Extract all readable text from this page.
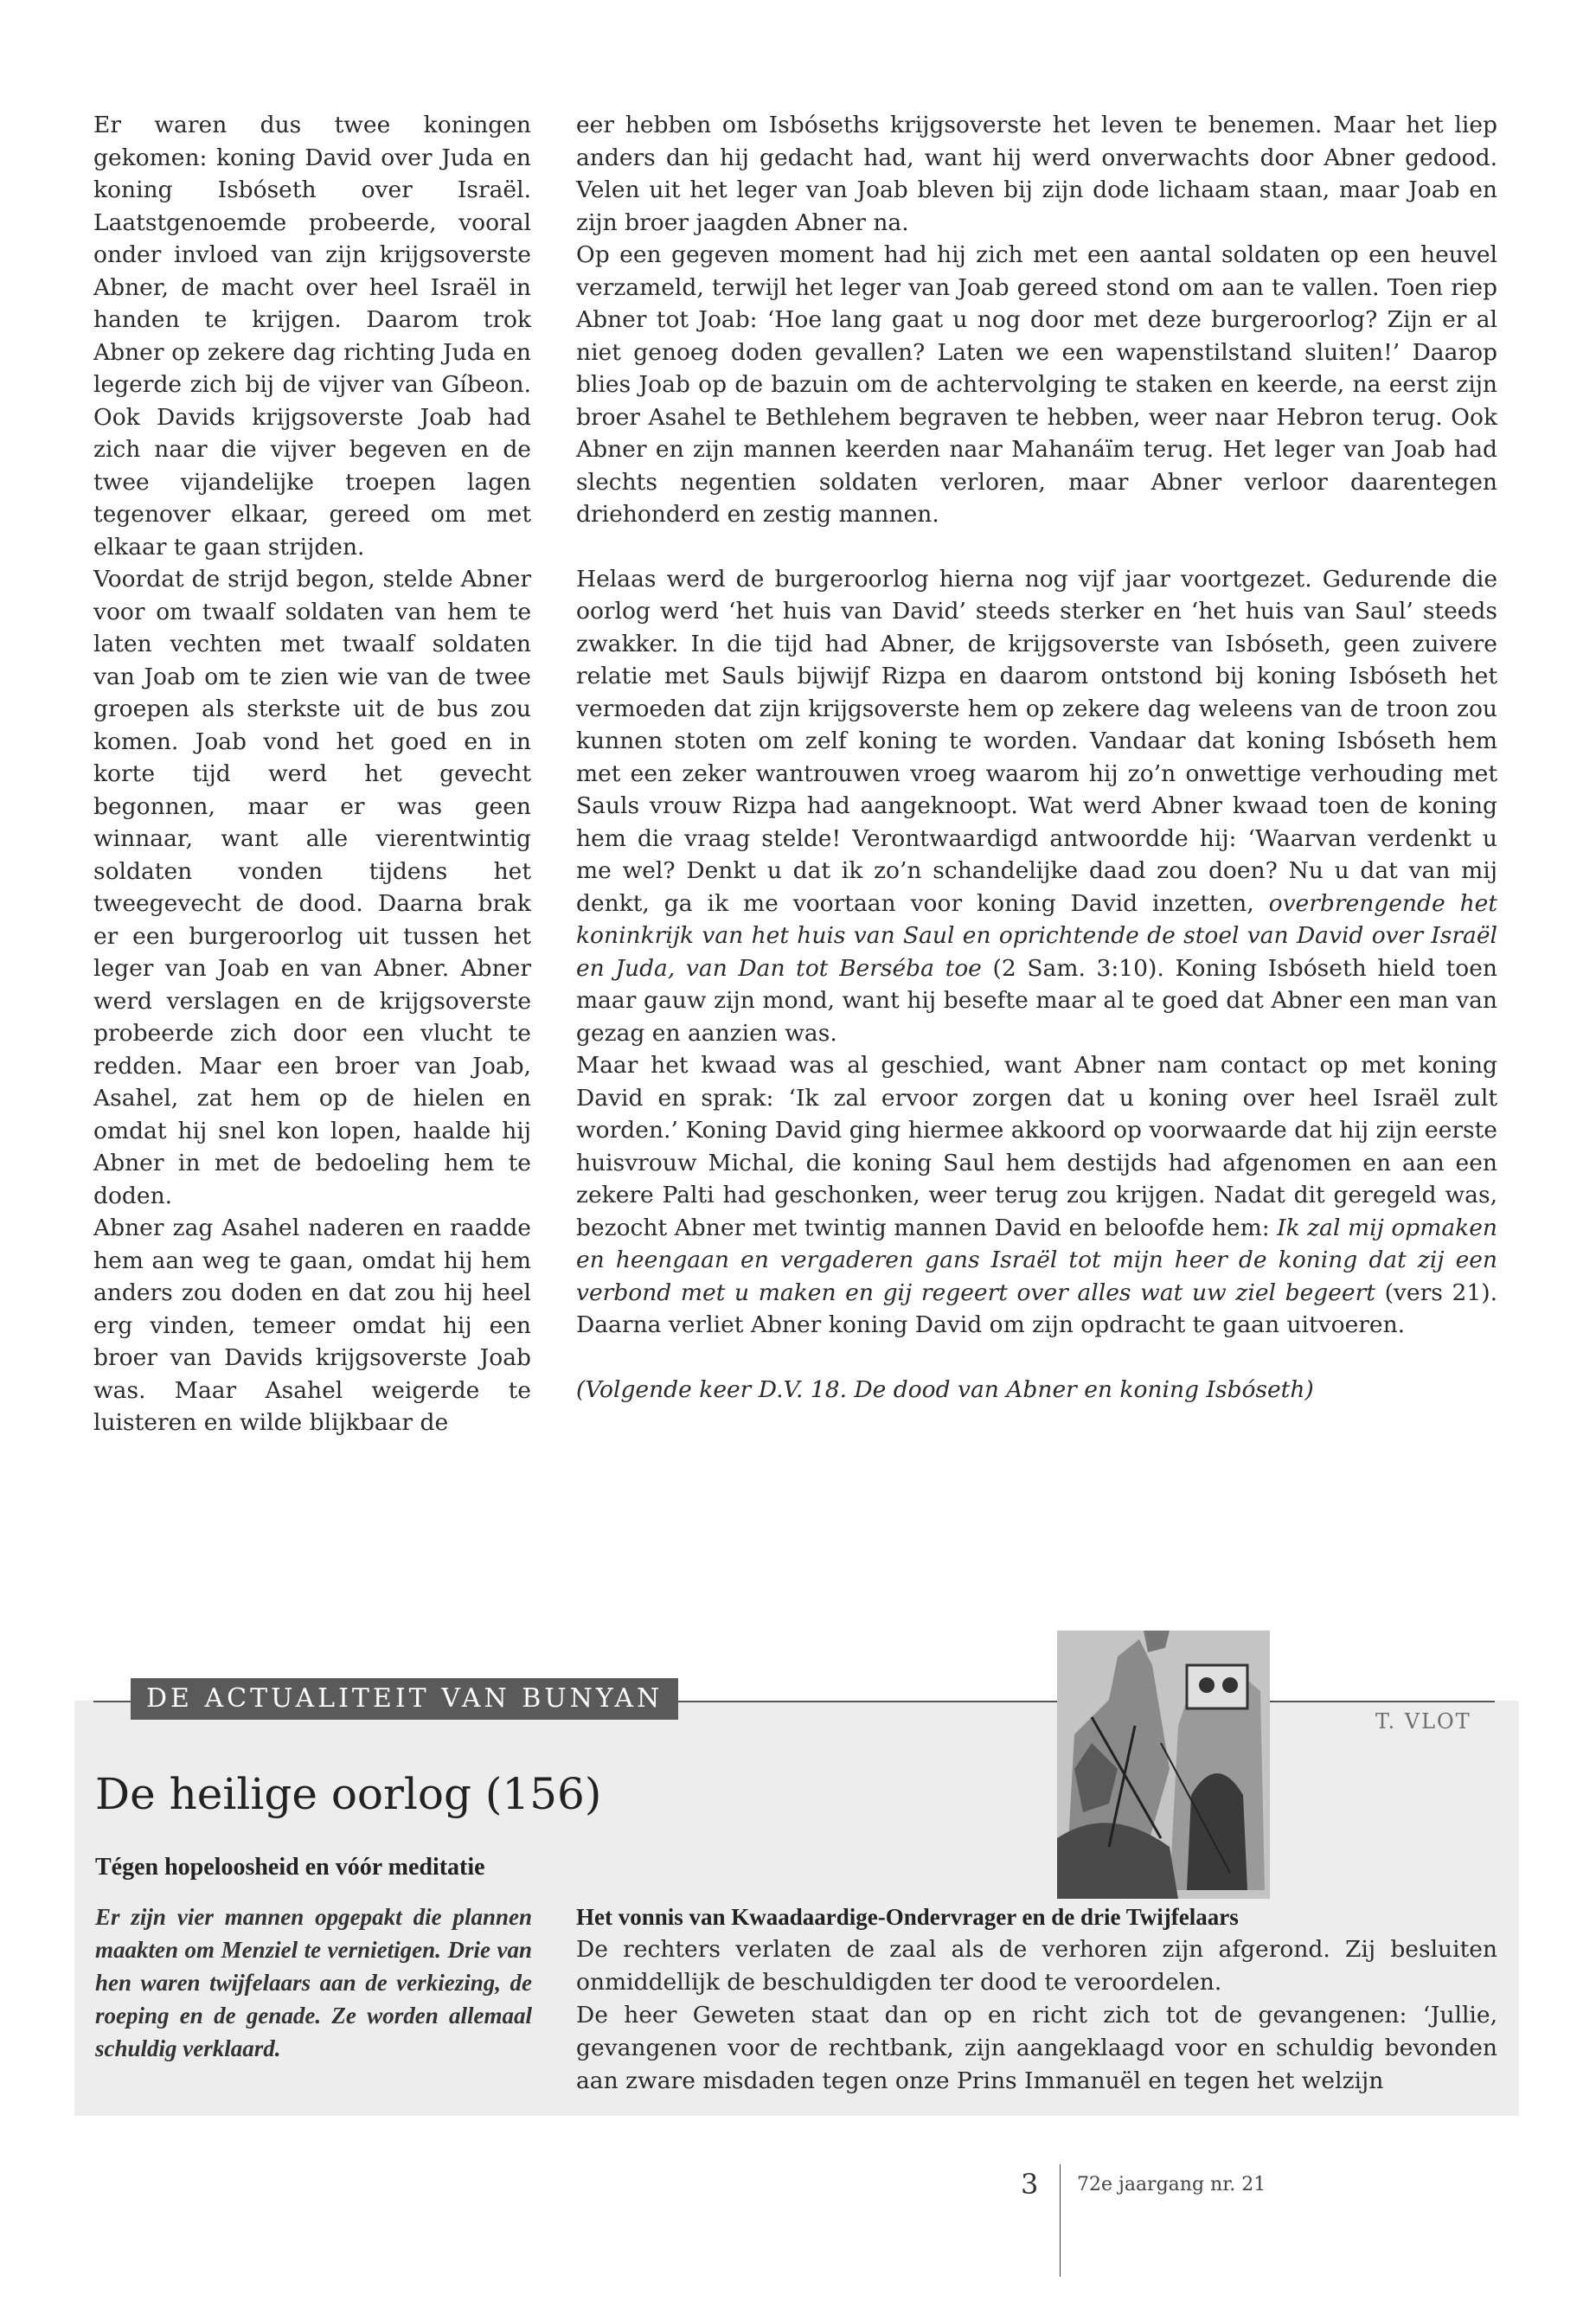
Er waren dus twee koningen gekomen: koning David over Juda en koning Isbóseth over Israël. Laatstgenoemde probeerde, vooral onder invloed van zijn krijgsoverste Abner, de macht over heel Israël in handen te krijgen. Daarom trok Abner op zekere dag richting Juda en legerde zich bij de vijver van Gíbeon. Ook Davids krijgsoverste Joab had zich naar die vijver begeven en de twee vijandelijke troepen lagen tegenover elkaar, gereed om met elkaar te gaan strijden.

Voordat de strijd begon, stelde Abner voor om twaalf soldaten van hem te laten vechten met twaalf soldaten van Joab om te zien wie van de twee groepen als sterkste uit de bus zou komen. Joab vond het goed en in korte tijd werd het gevecht begonnen, maar er was geen winnaar, want alle vierentwintig soldaten vonden tijdens het tweegevecht de dood. Daarna brak er een burgeroorlog uit tussen het leger van Joab en van Abner. Abner werd verslagen en de krijgsoverste probeerde zich door een vlucht te redden. Maar een broer van Joab, Asahel, zat hem op de hielen en omdat hij snel kon lopen, haalde hij Abner in met de bedoeling hem te doden.

Abner zag Asahel naderen en raadde hem aan weg te gaan, omdat hij hem anders zou doden en dat zou hij heel erg vinden, temeer omdat hij een broer van Davids krijgsoverste Joab was. Maar Asahel weigerde te luisteren en wilde blijkbaar de

eer hebben om Isbóseths krijgsoverste het leven te benemen. Maar het liep anders dan hij gedacht had, want hij werd onverwachts door Abner gedood. Velen uit het leger van Joab bleven bij zijn dode lichaam staan, maar Joab en zijn broer jaagden Abner na.

Op een gegeven moment had hij zich met een aantal soldaten op een heuvel verzameld, terwijl het leger van Joab gereed stond om aan te vallen. Toen riep Abner tot Joab: ‘Hoe lang gaat u nog door met deze burgeroorlog? Zijn er al niet genoeg doden gevallen? Laten we een wapenstilstand sluiten!’ Daarop blies Joab op de bazuin om de achtervolging te staken en keerde, na eerst zijn broer Asahel te Bethlehem begraven te hebben, weer naar Hebron terug. Ook Abner en zijn mannen keerden naar Mahanáïm terug. Het leger van Joab had slechts negentien soldaten verloren, maar Abner verloor daarentegen driehonderd en zestig mannen.

Helaas werd de burgeroorlog hierna nog vijf jaar voortgezet. Gedurende die oorlog werd ‘het huis van David’ steeds sterker en ‘het huis van Saul’ steeds zwakker. In die tijd had Abner, de krijgsoverste van Isbóseth, geen zuivere relatie met Sauls bijwijf Rizpa en daarom ontstond bij koning Isbóseth het vermoeden dat zijn krijgsoverste hem op zekere dag weleens van de troon zou kunnen stoten om zelf koning te worden. Vandaar dat koning Isbóseth hem met een zeker wantrouwen vroeg waarom hij zo’n onwettige verhouding met Sauls vrouw Rizpa had aangeknoopt. Wat werd Abner kwaad toen de koning hem die vraag stelde! Verontwaardigd antwoordde hij: ‘Waarvan verdenkt u me wel? Denkt u dat ik zo’n schandelijke daad zou doen? Nu u dat van mij denkt, ga ik me voortaan voor koning David inzetten, overbrengende het koninkrijk van het huis van Saul en oprichtende de stoel van David over Israël en Juda, van Dan tot Berséba toe (2 Sam. 3:10). Koning Isbóseth hield toen maar gauw zijn mond, want hij besefte maar al te goed dat Abner een man van gezag en aanzien was.

Maar het kwaad was al geschied, want Abner nam contact op met koning David en sprak: ‘Ik zal ervoor zorgen dat u koning over heel Israël zult worden.’ Koning David ging hiermee akkoord op voorwaarde dat hij zijn eerste huisvrouw Michal, die koning Saul hem destijds had afgenomen en aan een zekere Palti had geschonken, weer terug zou krijgen. Nadat dit geregeld was, bezocht Abner met twintig mannen David en beloofde hem: Ik zal mij opmaken en heengaan en vergaderen gans Israël tot mijn heer de koning dat zij een verbond met u maken en gij regeert over alles wat uw ziel begeert (vers 21). Daarna verliet Abner koning David om zijn opdracht te gaan uitvoeren.

(Volgende keer D.V. 18. De dood van Abner en koning Isbóseth)

DE ACTUALITEIT VAN BUNYAN
T. VLOT
De heilige oorlog (156)
Tégen hopeloosheid en vóór meditatie

Er zijn vier mannen opgepakt die plannen maakten om Menziel te vernietigen. Drie van hen waren twijfelaars aan de verkiezing, de roeping en de genade. Ze worden allemaal schuldig verklaard.

Het vonnis van Kwaadaardige-Ondervrager en de drie Twijfelaars

De rechters verlaten de zaal als de verhoren zijn afgerond. Zij besluiten onmiddellijk de beschuldigden ter dood te veroordelen.

De heer Geweten staat dan op en richt zich tot de gevangenen: ‘Jullie, gevangenen voor de rechtbank, zijn aangeklaagd voor en schuldig bevonden aan zware misdaden tegen onze Prins Immanuël en tegen het welzijn

3 72e jaargang nr. 21
